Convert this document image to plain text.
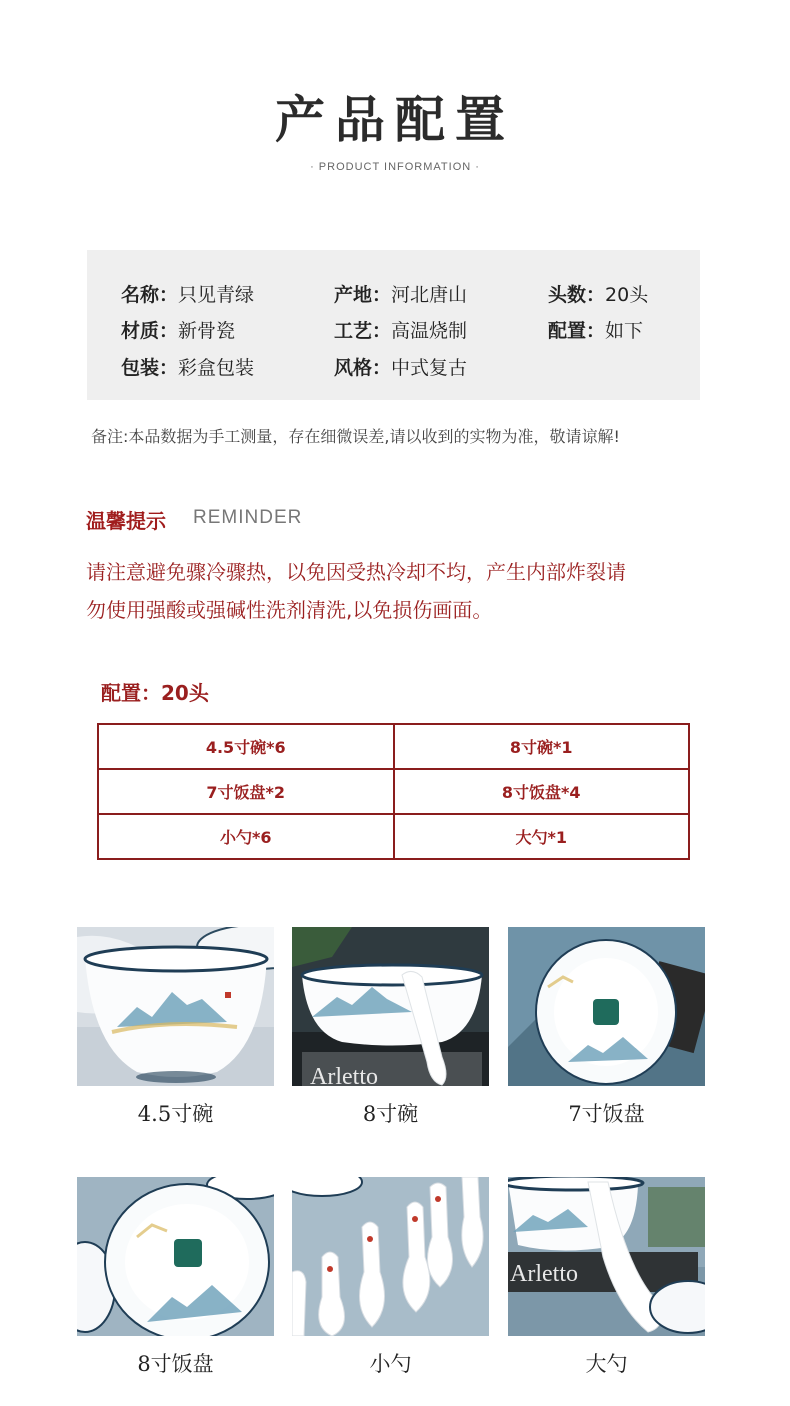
产品配置
· PRODUCT INFORMATION ·
名称：只见青绿	产地：河北唐山	头数：20头
材质：新骨瓷	工艺：高温烧制	配置：如下
包装：彩盒包装	风格：中式复古
备注:本品数据为手工测量，存在细微误差,请以收到的实物为准，敬请谅解!
温馨提示 REMINDER
请注意避免骤冷骤热，以免因受热冷却不均，产生内部炸裂请
勿使用强酸或强碱性洗剂清洗,以免损伤画面。
配置：20头
4.5寸碗*6	8寸碗*1
7寸饭盘*2	8寸饭盘*4
小勺*6	大勺*1
4.5寸碗
Arletto
8寸碗	7寸饭盘
8寸饭盘	小勺
Arletto
大勺
